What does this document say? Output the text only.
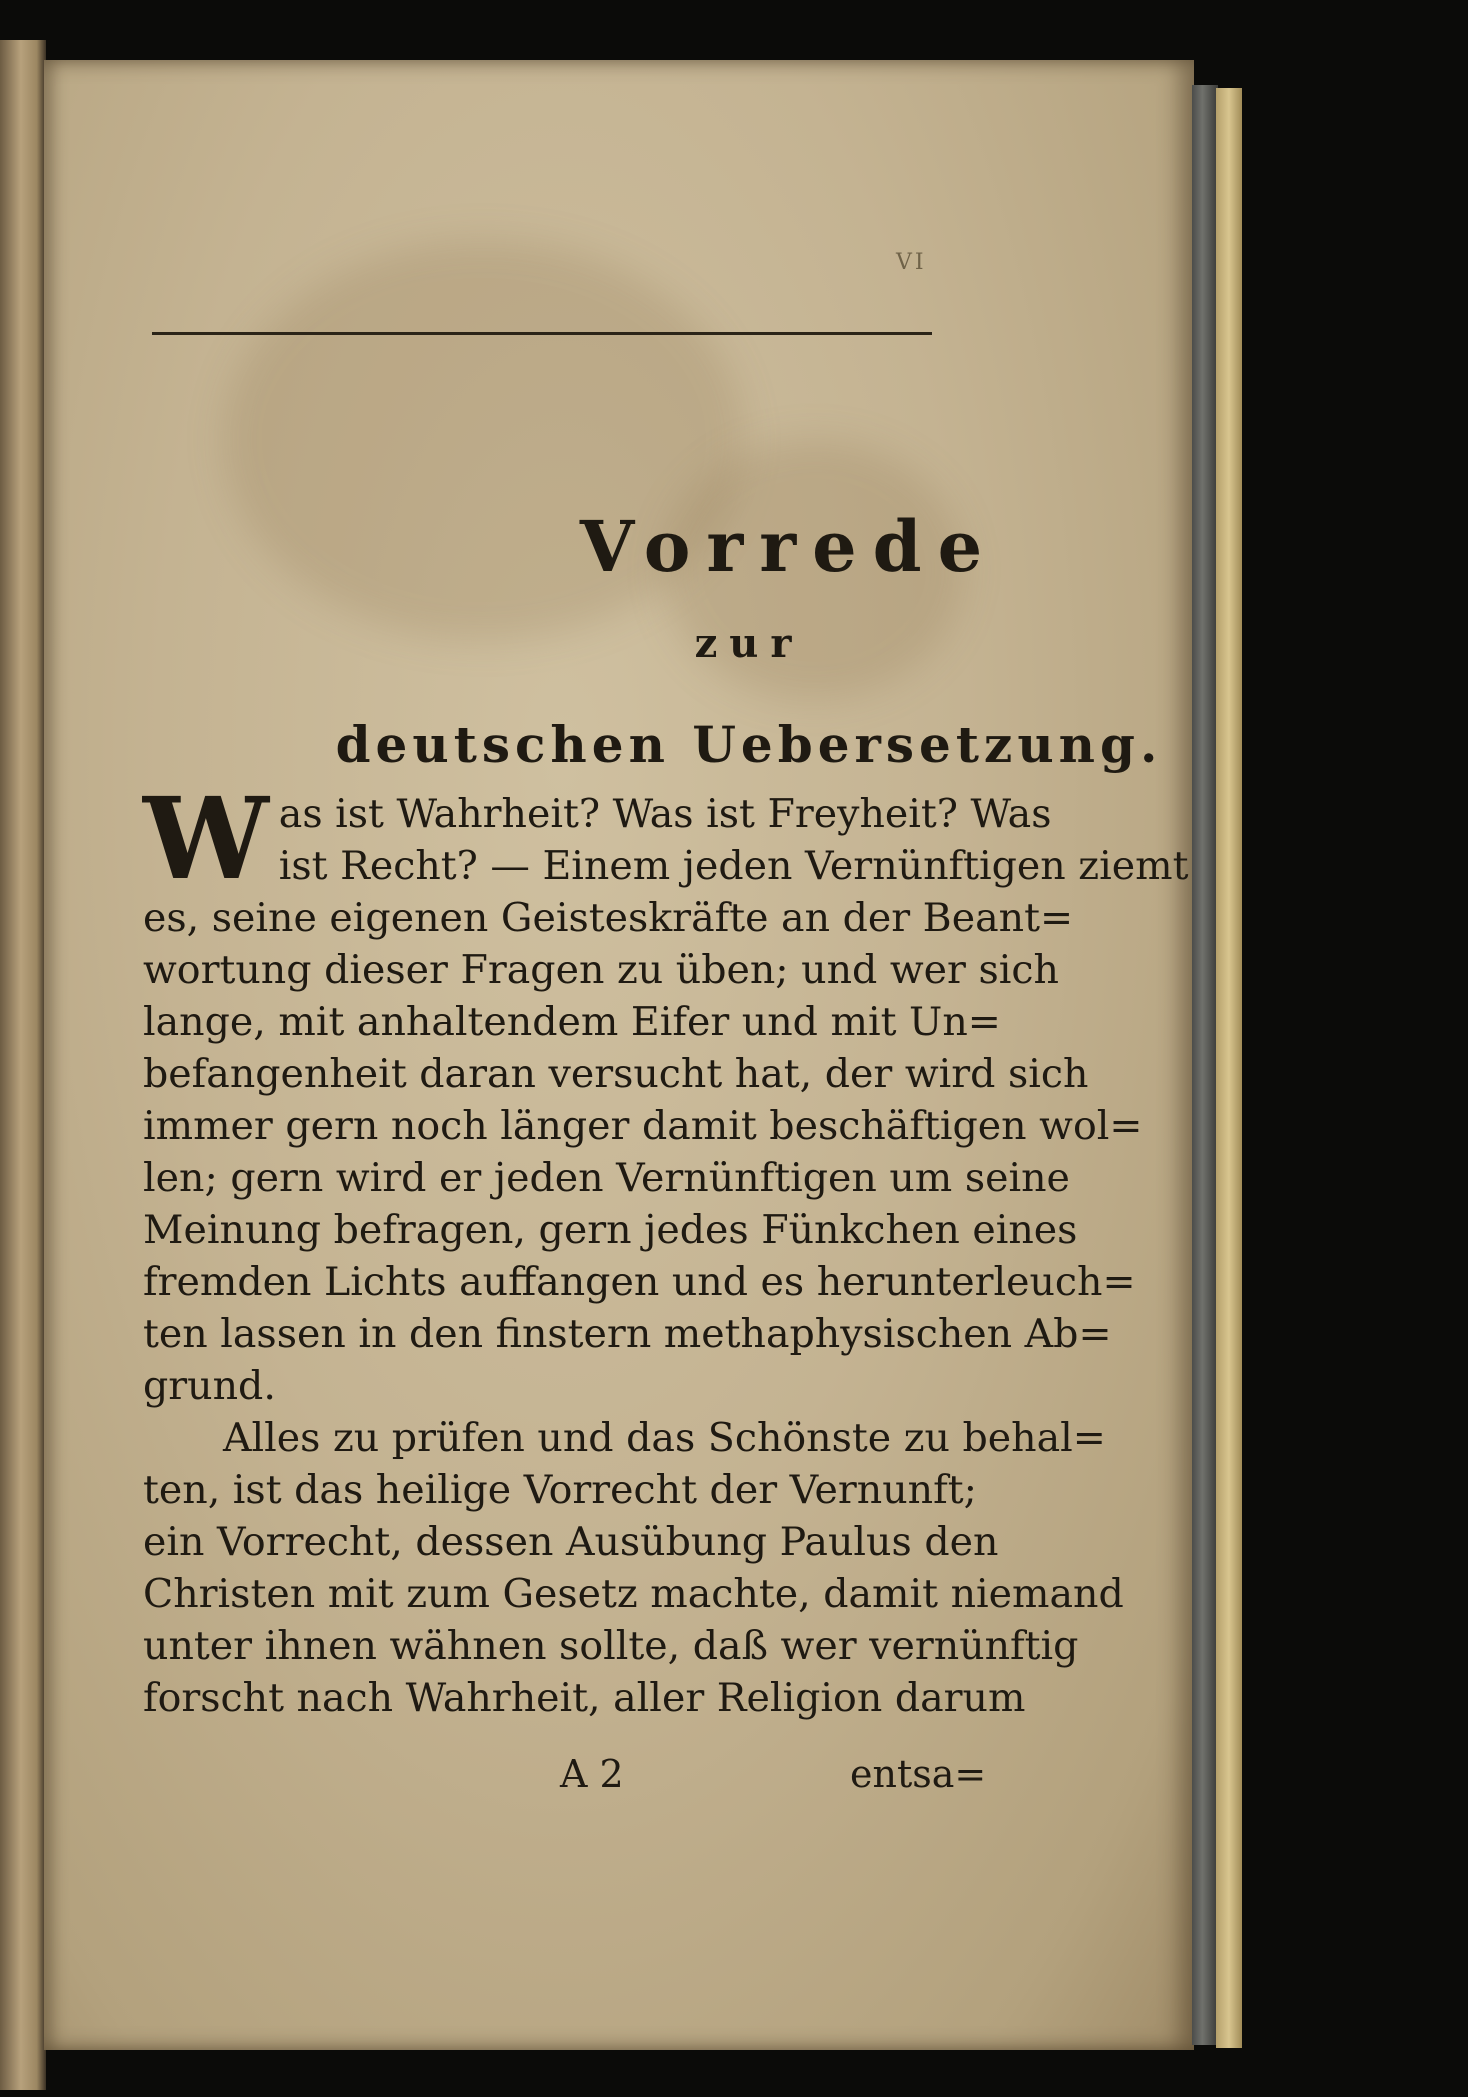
VI
Vorrede
zur
deutschen Uebersetzung.
W as ist Wahrheit? Was ist Freyheit? Was
ist Recht? — Einem jeden Vernünftigen ziemt
es, seine eigenen Geisteskräfte an der Beant=
wortung dieser Fragen zu üben; und wer sich
lange, mit anhaltendem Eifer und mit Un=
befangenheit daran versucht hat, der wird sich
immer gern noch länger damit beschäftigen wol=
len; gern wird er jeden Vernünftigen um seine
Meinung befragen, gern jedes Fünkchen eines
fremden Lichts auffangen und es herunterleuch=
ten lassen in den finstern methaphysischen Ab=
grund.
Alles zu prüfen und das Schönste zu behal=
ten, ist das heilige Vorrecht der Vernunft;
ein Vorrecht, dessen Ausübung Paulus den
Christen mit zum Gesetz machte, damit niemand
unter ihnen wähnen sollte, daß wer vernünftig
forscht nach Wahrheit, aller Religion darum
A 2	entsa=
